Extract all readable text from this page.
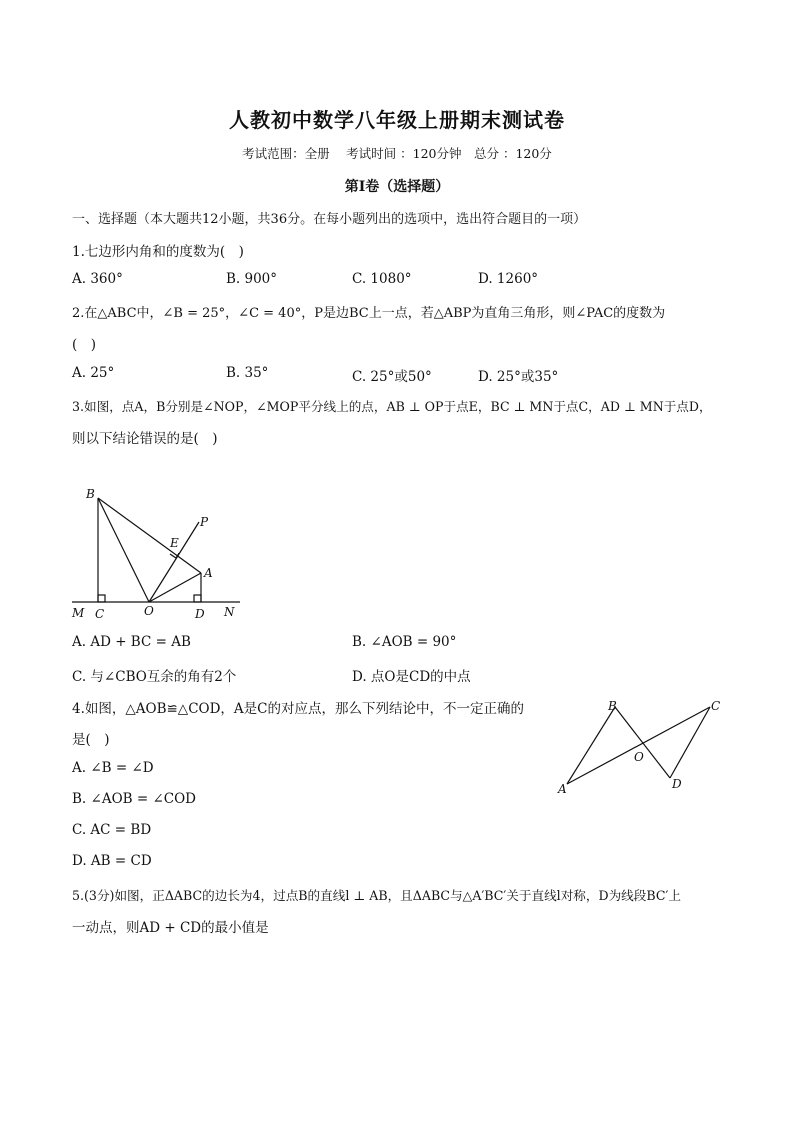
人教初中数学八年级上册期末测试卷
考试范围：全册　 考试时间 ：120分钟　总分 ：120分
第Ⅰ卷（选择题）
一、选择题（本大题共12小题，共36分。在每小题列出的选项中，选出符合题目的一项）
1.七边形内角和的度数为(　)
A. 360°	B. 900°	C. 1080°	D. 1260°
2.在△ABC中，∠B = 25°，∠C = 40°，P是边BC上一点，若△ABP为直角三角形，则∠PAC的度数为
(　)
A. 25°	B. 35°	C. 25°或50°	D. 25°或35°
3.如图，点A，B分别是∠NOP，∠MOP平分线上的点，AB ⊥ OP于点E，BC ⊥ MN于点C，AD ⊥ MN于点D，
则以下结论错误的是(　)
B
P
E
A
M C	O	D N
A. AD + BC = AB	B. ∠AOB = 90°
C. 与∠CBO互余的角有2个	D. 点O是CD的中点
4.如图，△AOB≌△COD，A是C的对应点，那么下列结论中，不一定正确的
是(　)
A. ∠B = ∠D
B. ∠AOB = ∠COD
C. AC = BD
D. AB = CD
B	C
O
D
A
5.(3分)如图，正ΔABC的边长为4，过点B的直线l ⊥ AB，且ΔABC与△A′BC′关于直线l对称，D为线段BC′上
一动点，则AD + CD的最小值是
